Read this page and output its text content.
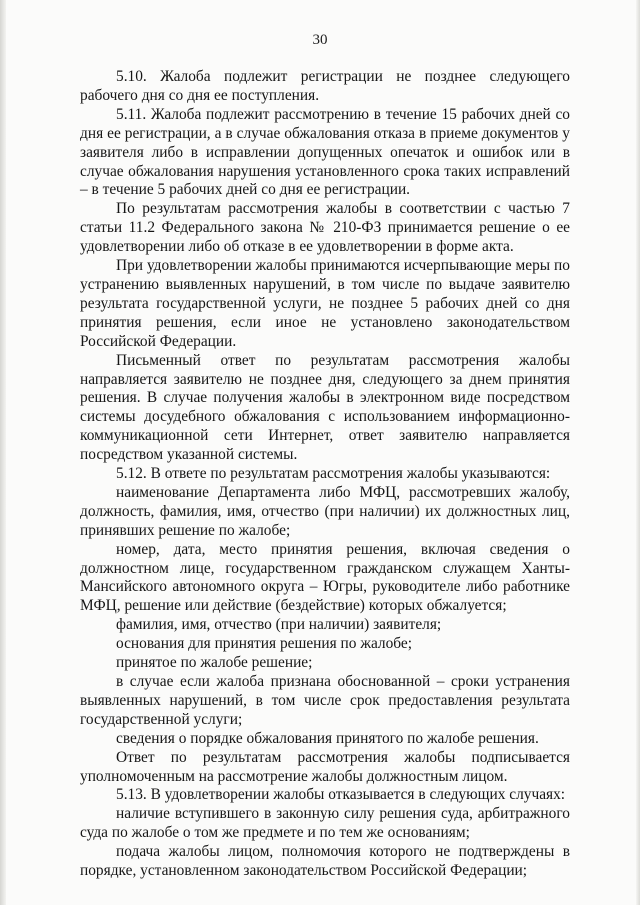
30

5.10. Жалоба подлежит регистрации не позднее следующего рабочего дня со дня ее поступления.

5.11. Жалоба подлежит рассмотрению в течение 15 рабочих дней со дня ее регистрации, а в случае обжалования отказа в приеме документов у заявителя либо в исправлении допущенных опечаток и ошибок или в случае обжалования нарушения установленного срока таких исправлений – в течение 5 рабочих дней со дня ее регистрации.

По результатам рассмотрения жалобы в соответствии с частью 7 статьи 11.2 Федерального закона № 210-ФЗ принимается решение о ее удовлетворении либо об отказе в ее удовлетворении в форме акта.

При удовлетворении жалобы принимаются исчерпывающие меры по устранению выявленных нарушений, в том числе по выдаче заявителю результата государственной услуги, не позднее 5 рабочих дней со дня принятия решения, если иное не установлено законодательством Российской Федерации.

Письменный ответ по результатам рассмотрения жалобы направляется заявителю не позднее дня, следующего за днем принятия решения. В случае получения жалобы в электронном виде посредством системы досудебного обжалования с использованием информационно-коммуникационной сети Интернет, ответ заявителю направляется посредством указанной системы.

5.12. В ответе по результатам рассмотрения жалобы указываются:

наименование Департамента либо МФЦ, рассмотревших жалобу, должность, фамилия, имя, отчество (при наличии) их должностных лиц, принявших решение по жалобе;

номер, дата, место принятия решения, включая сведения о должностном лице, государственном гражданском служащем Ханты-Мансийского автономного округа – Югры, руководителе либо работнике МФЦ, решение или действие (бездействие) которых обжалуется;

фамилия, имя, отчество (при наличии) заявителя;

основания для принятия решения по жалобе;

принятое по жалобе решение;

в случае если жалоба признана обоснованной – сроки устранения выявленных нарушений, в том числе срок предоставления результата государственной услуги;

сведения о порядке обжалования принятого по жалобе решения.

Ответ по результатам рассмотрения жалобы подписывается уполномоченным на рассмотрение жалобы должностным лицом.

5.13. В удовлетворении жалобы отказывается в следующих случаях:

наличие вступившего в законную силу решения суда, арбитражного суда по жалобе о том же предмете и по тем же основаниям;

подача жалобы лицом, полномочия которого не подтверждены в порядке, установленном законодательством Российской Федерации;
